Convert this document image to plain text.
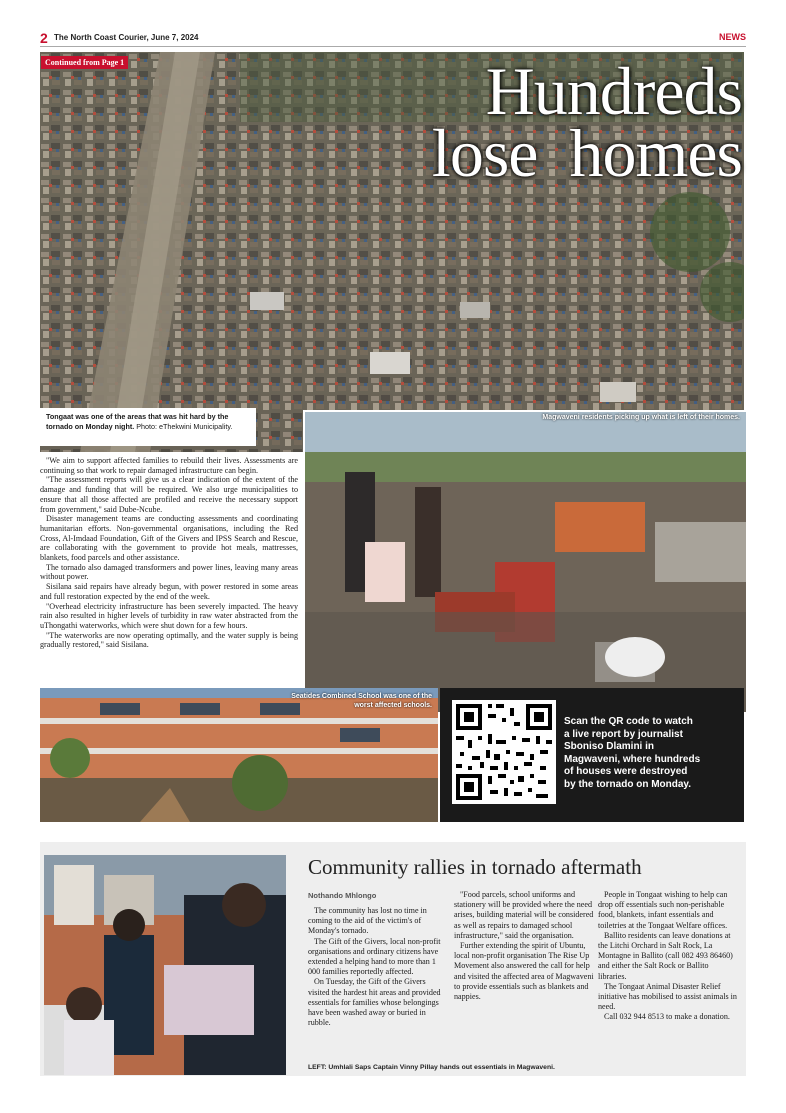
2 The North Coast Courier, June 7, 2024	NEWS
Continued from Page 1	Hundreds
lose  homes
Tongaat was one of the areas that was hit hard by the tornado on Monday night. Photo: eThekwini Municipality.
Magwaveni residents picking up what is left of their homes.

"We aim to support affected families to rebuild their lives. Assessments are continuing so that work to repair damaged infrastructure can begin.

"The assessment reports will give us a clear indication of the extent of the damage and funding that will be required. We also urge municipalities to ensure that all those affected are profiled and receive the necessary support from government," said Dube-Ncube.

Disaster management teams are conducting assessments and coordinating humanitarian efforts. Non-governmental organisations, including the Red Cross, Al-Imdaad Foundation, Gift of the Givers and IPSS Search and Rescue, are collaborating with the government to provide hot meals, mattresses, blankets, food parcels and other assistance.

The tornado also damaged transformers and power lines, leaving many areas without power.

Sisilana said repairs have already begun, with power restored in some areas and full restoration expected by the end of the week.

"Overhead electricity infrastructure has been severely impacted. The heavy rain also resulted in higher levels of turbidity in raw water abstracted from the uThongathi waterworks, which were shut down for a few hours.

"The waterworks are now operating optimally, and the water supply is being gradually restored," said Sisilana.

Seatides Combined School was one of the
worst affected schools.
Scan the QR code to watch
a live report by journalist
Sboniso Dlamini in
Magwaveni, where hundreds
of houses were destroyed
by the tornado on Monday.
Community rallies in tornado aftermath
Nothando Mhlongo

The community has lost no time in coming to the aid of the victim's of Monday's tornado.

The Gift of the Givers, local non-profit organisations and ordinary citizens have extended a helping hand to more than 1 000 families reportedly affected.

On Tuesday, the Gift of the Givers visited the hardest hit areas and provided essentials for families whose belongings have been washed away or buried in rubble.

"Food parcels, school uniforms and stationery will be provided where the need arises, building material will be considered as well as repairs to damaged school infrastructure," said the organisation.

Further extending the spirit of Ubuntu, local non-profit organisation The Rise Up Movement also answered the call for help and visited the affected area of Magwaveni to provide essentials such as blankets and nappies.

People in Tongaat wishing to help can drop off essentials such non-perishable food, blankets, infant essentials and toiletries at the Tongaat Welfare offices.

Ballito residents can leave donations at the Litchi Orchard in Salt Rock, La Montagne in Ballito (call 082 493 86460) and either the Salt Rock or Ballito libraries.

The Tongaat Animal Disaster Relief initiative has mobilised to assist animals in need.

Call 032 944 8513 to make a donation.

LEFT: Umhlali Saps Captain Vinny Pillay hands out essentials in Magwaveni.
